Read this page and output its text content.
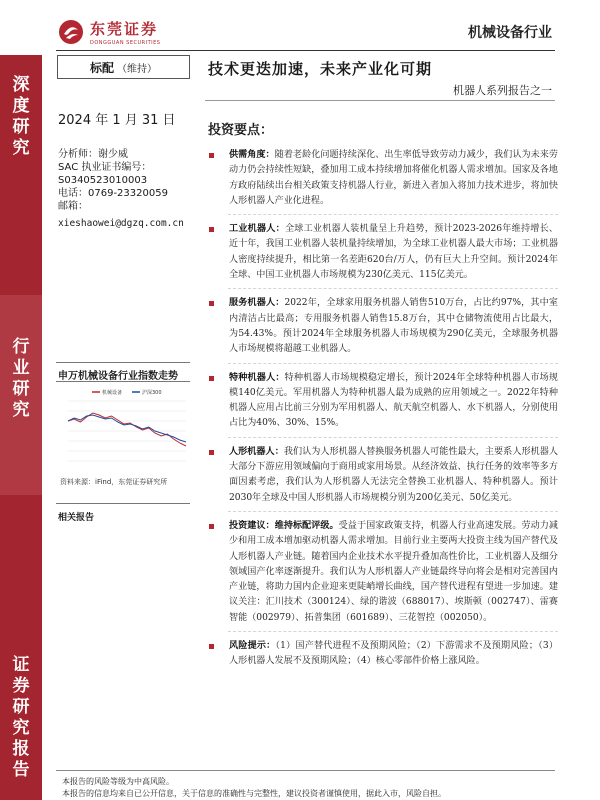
深度研究
行业研究
证券研究报告
东莞证券
DONGGUAN SECURITIES
机械设备行业
标配 （维持）
2024 年 1 月 31 日
分析师：谢少威
SAC 执业证书编号：
S0340523010003
电话：0769-23320059
邮箱：
xieshaowei@dgzq.com.cn
申万机械设备行业指数走势
机械设备	沪深300
资料来源：iFind，东莞证券研究所
相关报告
技术更迭加速，未来产业化可期
机器人系列报告之一
投资要点：
供需角度：随着老龄化问题持续深化、出生率低导致劳动力减少，我们认为未来劳动力仍会持续性短缺，叠加用工成本持续增加将催化机器人需求增加。国家及各地方政府陆续出台相关政策支持机器人行业，新进入者加入将加力技术进步，将加快人形机器人产业化进程。
工业机器人：全球工业机器人装机量呈上升趋势，预计2023-2026年维持增长、近十年，我国工业机器人装机量持续增加，为全球工业机器人最大市场；工业机器人密度持续提升，相比第一名差距620台/万人，仍有巨大上升空间。预计2024年全球、中国工业机器人市场规模为230亿美元、115亿美元。
服务机器人：2022年，全球家用服务机器人销售510万台，占比约97%，其中室内清洁占比最高；专用服务机器人销售15.8万台，其中仓储物流使用占比最大，为54.43%。预计2024年全球服务机器人市场规模为290亿美元，全球服务机器人市场规模将超越工业机器人。
特种机器人：特种机器人市场规模稳定增长，预计2024年全球特种机器人市场规模140亿美元。军用机器人为特种机器人最为成熟的应用领域之一。2022年特种机器人应用占比前三分别为军用机器人、航天航空机器人、水下机器人，分别使用占比为40%、30%、15%。
人形机器人：我们认为人形机器人替换服务机器人可能性最大，主要系人形机器人大部分下游应用领域偏向于商用或家用场景。从经济效益、执行任务的效率等多方面因素考虑，我们认为人形机器人无法完全替换工业机器人、特种机器人。预计2030年全球及中国人形机器人市场规模分别为200亿美元、50亿美元。
投资建议：维持标配评级。受益于国家政策支持，机器人行业高速发展。劳动力减少和用工成本增加驱动机器人需求增加。目前行业主要两大投资主线为国产替代及人形机器人产业链。随着国内企业技术水平提升叠加高性价比，工业机器人及细分领域国产化率逐渐提升。我们认为人形机器人产业链最终导向将会是相对完善国内产业链，将助力国内企业迎来更陡峭增长曲线，国产替代进程有望进一步加速。建议关注：汇川技术（300124）、绿的谐波（688017）、埃斯顿（002747）、雷赛智能（002979）、拓普集团（601689）、三花智控（002050）。
风险提示：（1）国产替代进程不及预期风险；（2）下游需求不及预期风险；（3）人形机器人发展不及预期风险；（4）核心零部件价格上涨风险。
本报告的风险等级为中高风险。
本报告的信息均来自已公开信息，关于信息的准确性与完整性，建议投资者谨慎使用，据此入市，风险自担。
